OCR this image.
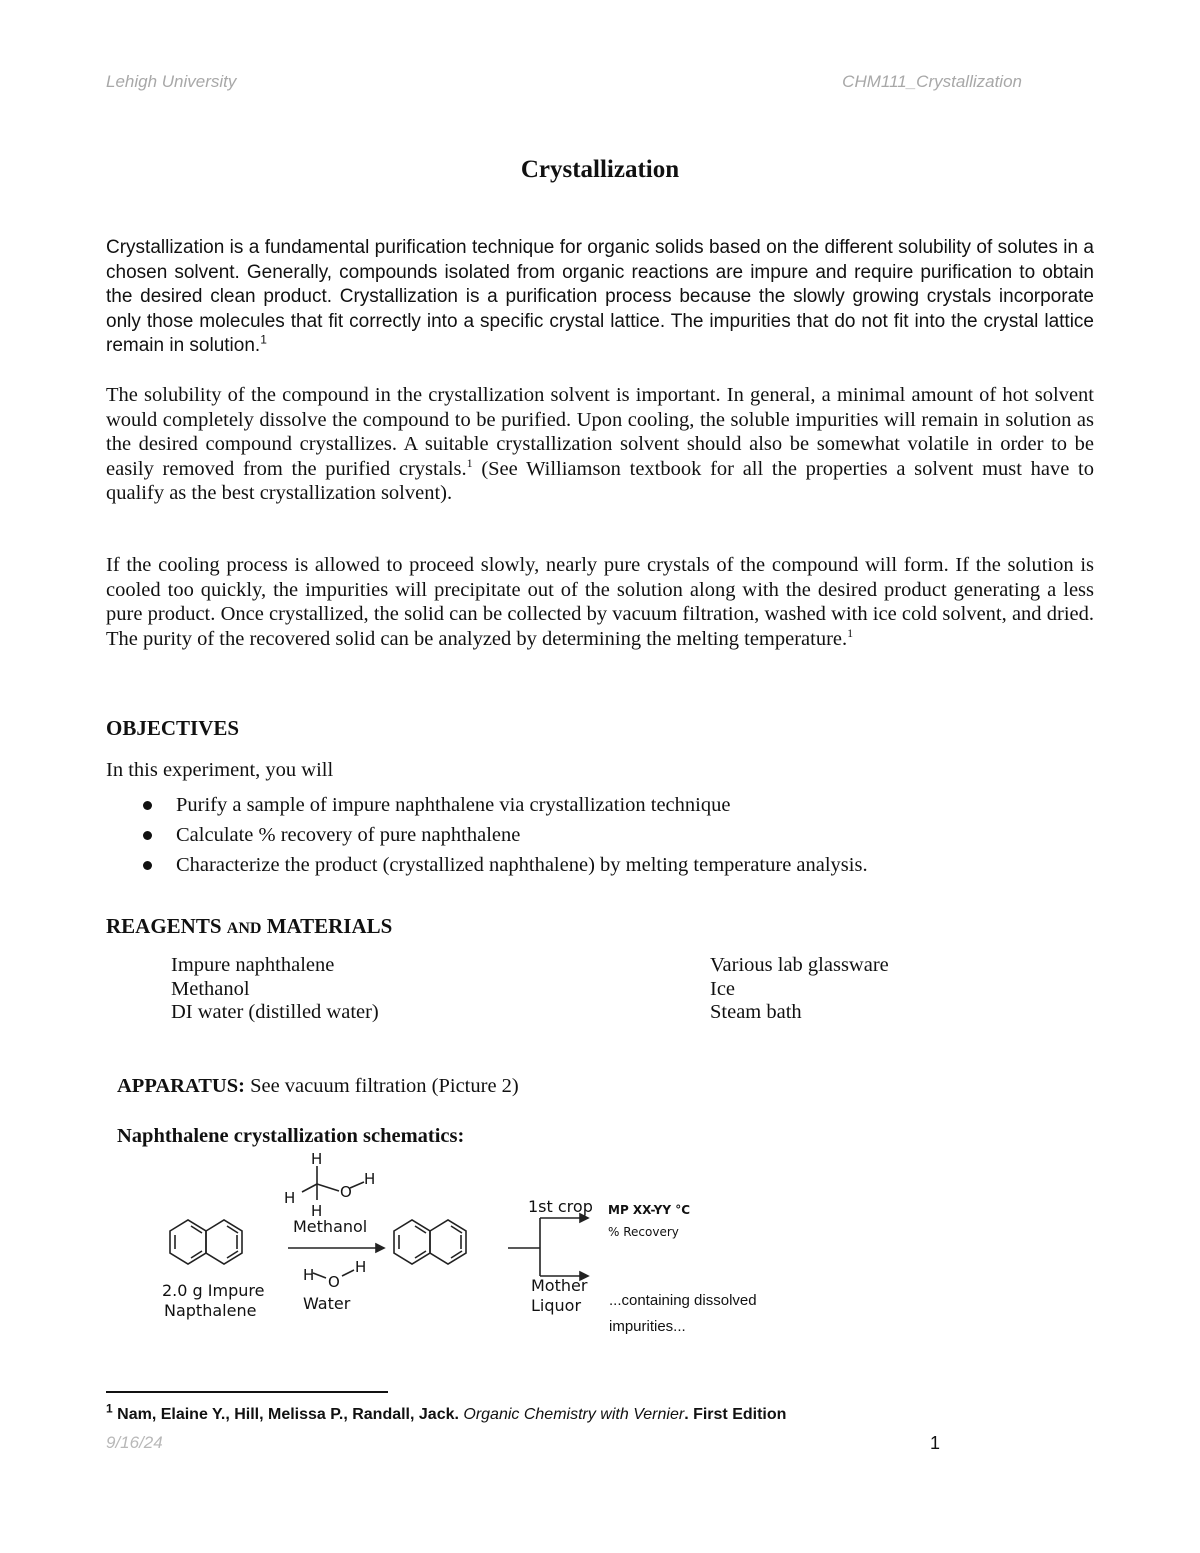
Lehigh University	CHM111_Crystallization
Crystallization

Crystallization is a fundamental purification technique for organic solids based on the different solubility of solutes in a chosen solvent. Generally, compounds isolated from organic reactions are impure and require purification to obtain the desired clean product. Crystallization is a purification process because the slowly growing crystals incorporate only those molecules that fit correctly into a specific crystal lattice. The impurities that do not fit into the crystal lattice remain in solution.$^1$

The solubility of the compound in the crystallization solvent is important. In general, a minimal amount of hot solvent would completely dissolve the compound to be purified. Upon cooling, the soluble impurities will remain in solution as the desired compound crystallizes. A suitable crystallization solvent should also be somewhat volatile in order to be easily removed from the purified crystals.$^1$ (See Williamson textbook for all the properties a solvent must have to qualify as the best crystallization solvent).

If the cooling process is allowed to proceed slowly, nearly pure crystals of the compound will form. If the solution is cooled too quickly, the impurities will precipitate out of the solution along with the desired product generating a less pure product. Once crystallized, the solid can be collected by vacuum filtration, washed with ice cold solvent, and dried. The purity of the recovered solid can be analyzed by determining the melting temperature.$^1$

OBJECTIVES

In this experiment, you will

Purify a sample of impure naphthalene via crystallization technique
Calculate % recovery of pure naphthalene
Characterize the product (crystallized naphthalene) by melting temperature analysis.
REAGENTS AND MATERIALS
Impure naphthalene
Methanol
DI water (distilled water)
Various lab glassware
Ice
Steam bath

APPARATUS: See vacuum filtration (Picture 2)

Naphthalene crystallization schematics:

H
H
H
O
H
Methanol
H O
H
Water
2.0 g Impure
Napthalene
1st crop MP XX-YY °C
% Recovery
Mother
Liquor ...containing dissolved
impurities...

$^1$ Nam, Elaine Y., Hill, Melissa P., Randall, Jack. Organic Chemistry with Vernier. First Edition

9/16/24	1
